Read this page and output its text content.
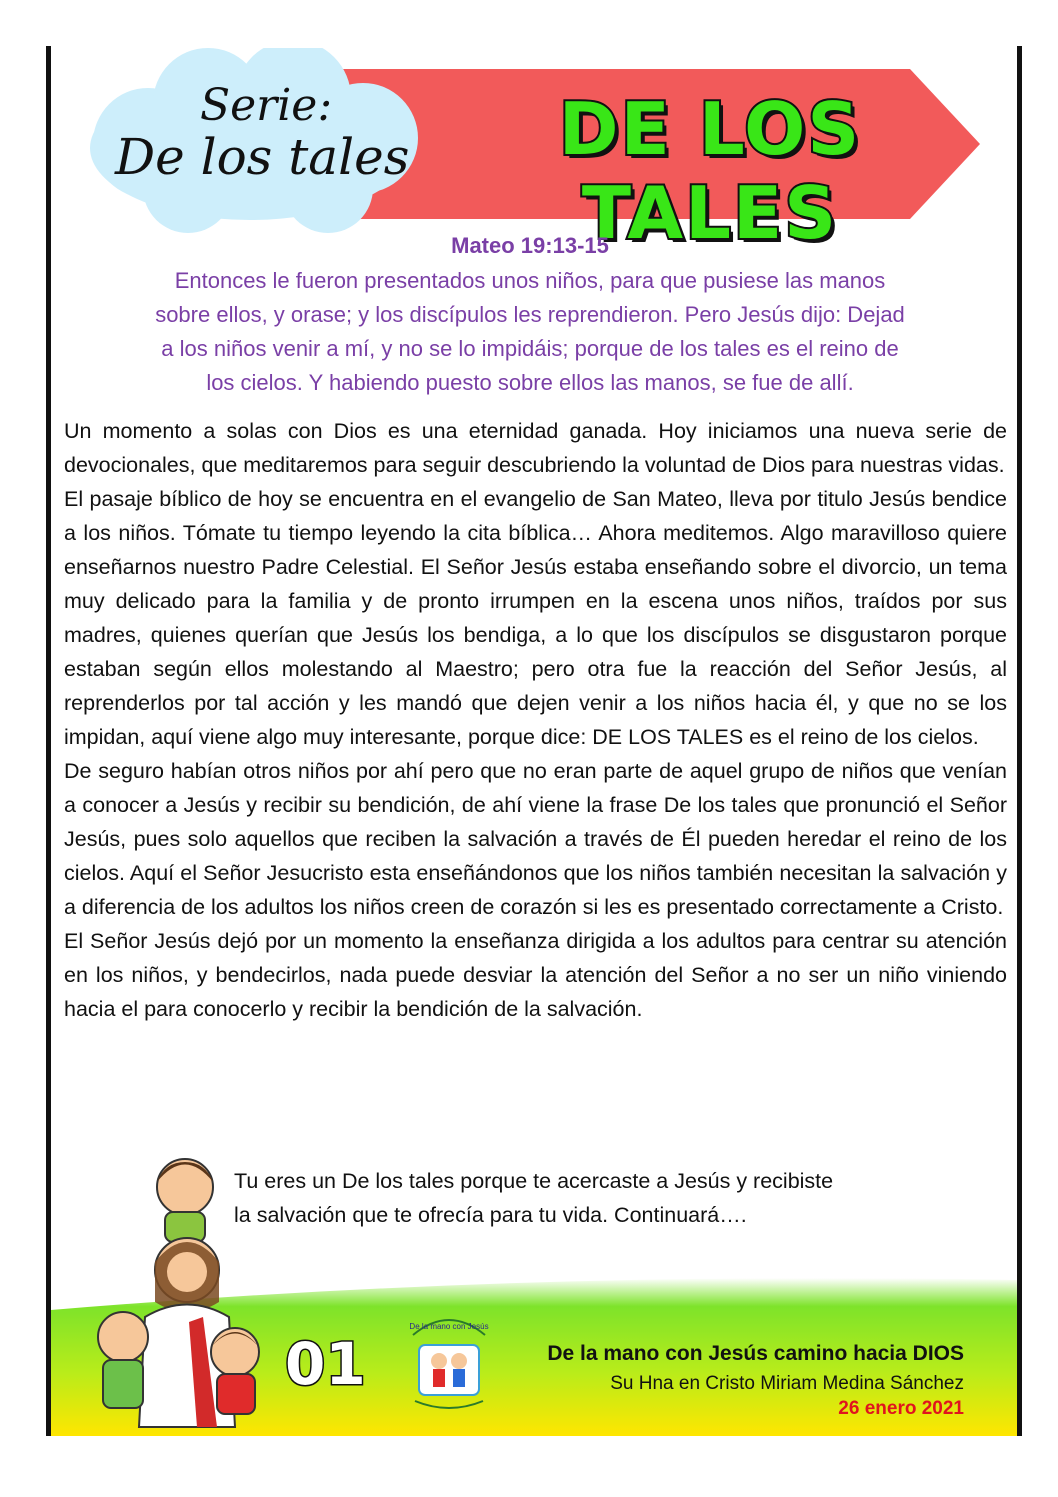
DE LOS TALES
Serie:
De los tales
Mateo 19:13-15
Entonces le fueron presentados unos niños, para que pusiese las manos
sobre ellos, y orase; y los discípulos les reprendieron. Pero Jesús dijo: Dejad
a los niños venir a mí, y no se lo impidáis; porque de los tales es el reino de
los cielos. Y habiendo puesto sobre ellos las manos, se fue de allí.

Un momento a solas con Dios es una eternidad ganada. Hoy iniciamos una nueva serie de devocionales, que meditaremos para seguir descubriendo la voluntad de Dios para nuestras vidas.

El pasaje bíblico de hoy se encuentra en el evangelio de San Mateo, lleva por titulo Jesús bendice a los niños. Tómate tu tiempo leyendo la cita bíblica… Ahora meditemos. Algo maravilloso quiere enseñarnos nuestro Padre Celestial. El Señor Jesús estaba enseñando sobre el divorcio, un tema muy delicado para la familia y de pronto irrumpen en la escena unos niños, traídos por sus madres, quienes querían que Jesús los bendiga, a lo que los discípulos se disgustaron porque estaban según ellos molestando al Maestro; pero otra fue la reacción del Señor Jesús, al reprenderlos por tal acción y les mandó que dejen venir a los niños hacia él, y que no se los impidan, aquí viene algo muy interesante, porque dice: DE LOS TALES es el reino de los cielos.

De seguro habían otros niños por ahí pero que no eran parte de aquel grupo de niños que venían a conocer a Jesús y recibir su bendición, de ahí viene la frase De los tales que pronunció el Señor Jesús, pues solo aquellos que reciben la salvación a través de Él pueden heredar el reino de los cielos. Aquí el Señor Jesucristo esta enseñándonos que los niños también necesitan la salvación y a diferencia de los adultos los niños creen de corazón si les es presentado correctamente a Cristo.

El Señor Jesús dejó por un momento la enseñanza dirigida a los adultos para centrar su atención en los niños, y bendecirlos, nada puede desviar la atención del Señor a no ser un niño viniendo hacia el para conocerlo y recibir la bendición de la salvación.

Tu eres un De los tales porque te acercaste a Jesús y recibiste

la salvación que te ofrecía para tu vida. Continuará….

01
De la mano con Jesús
De la mano con Jesús camino hacia DIOS
Su Hna en Cristo Miriam Medina Sánchez
26 enero 2021
